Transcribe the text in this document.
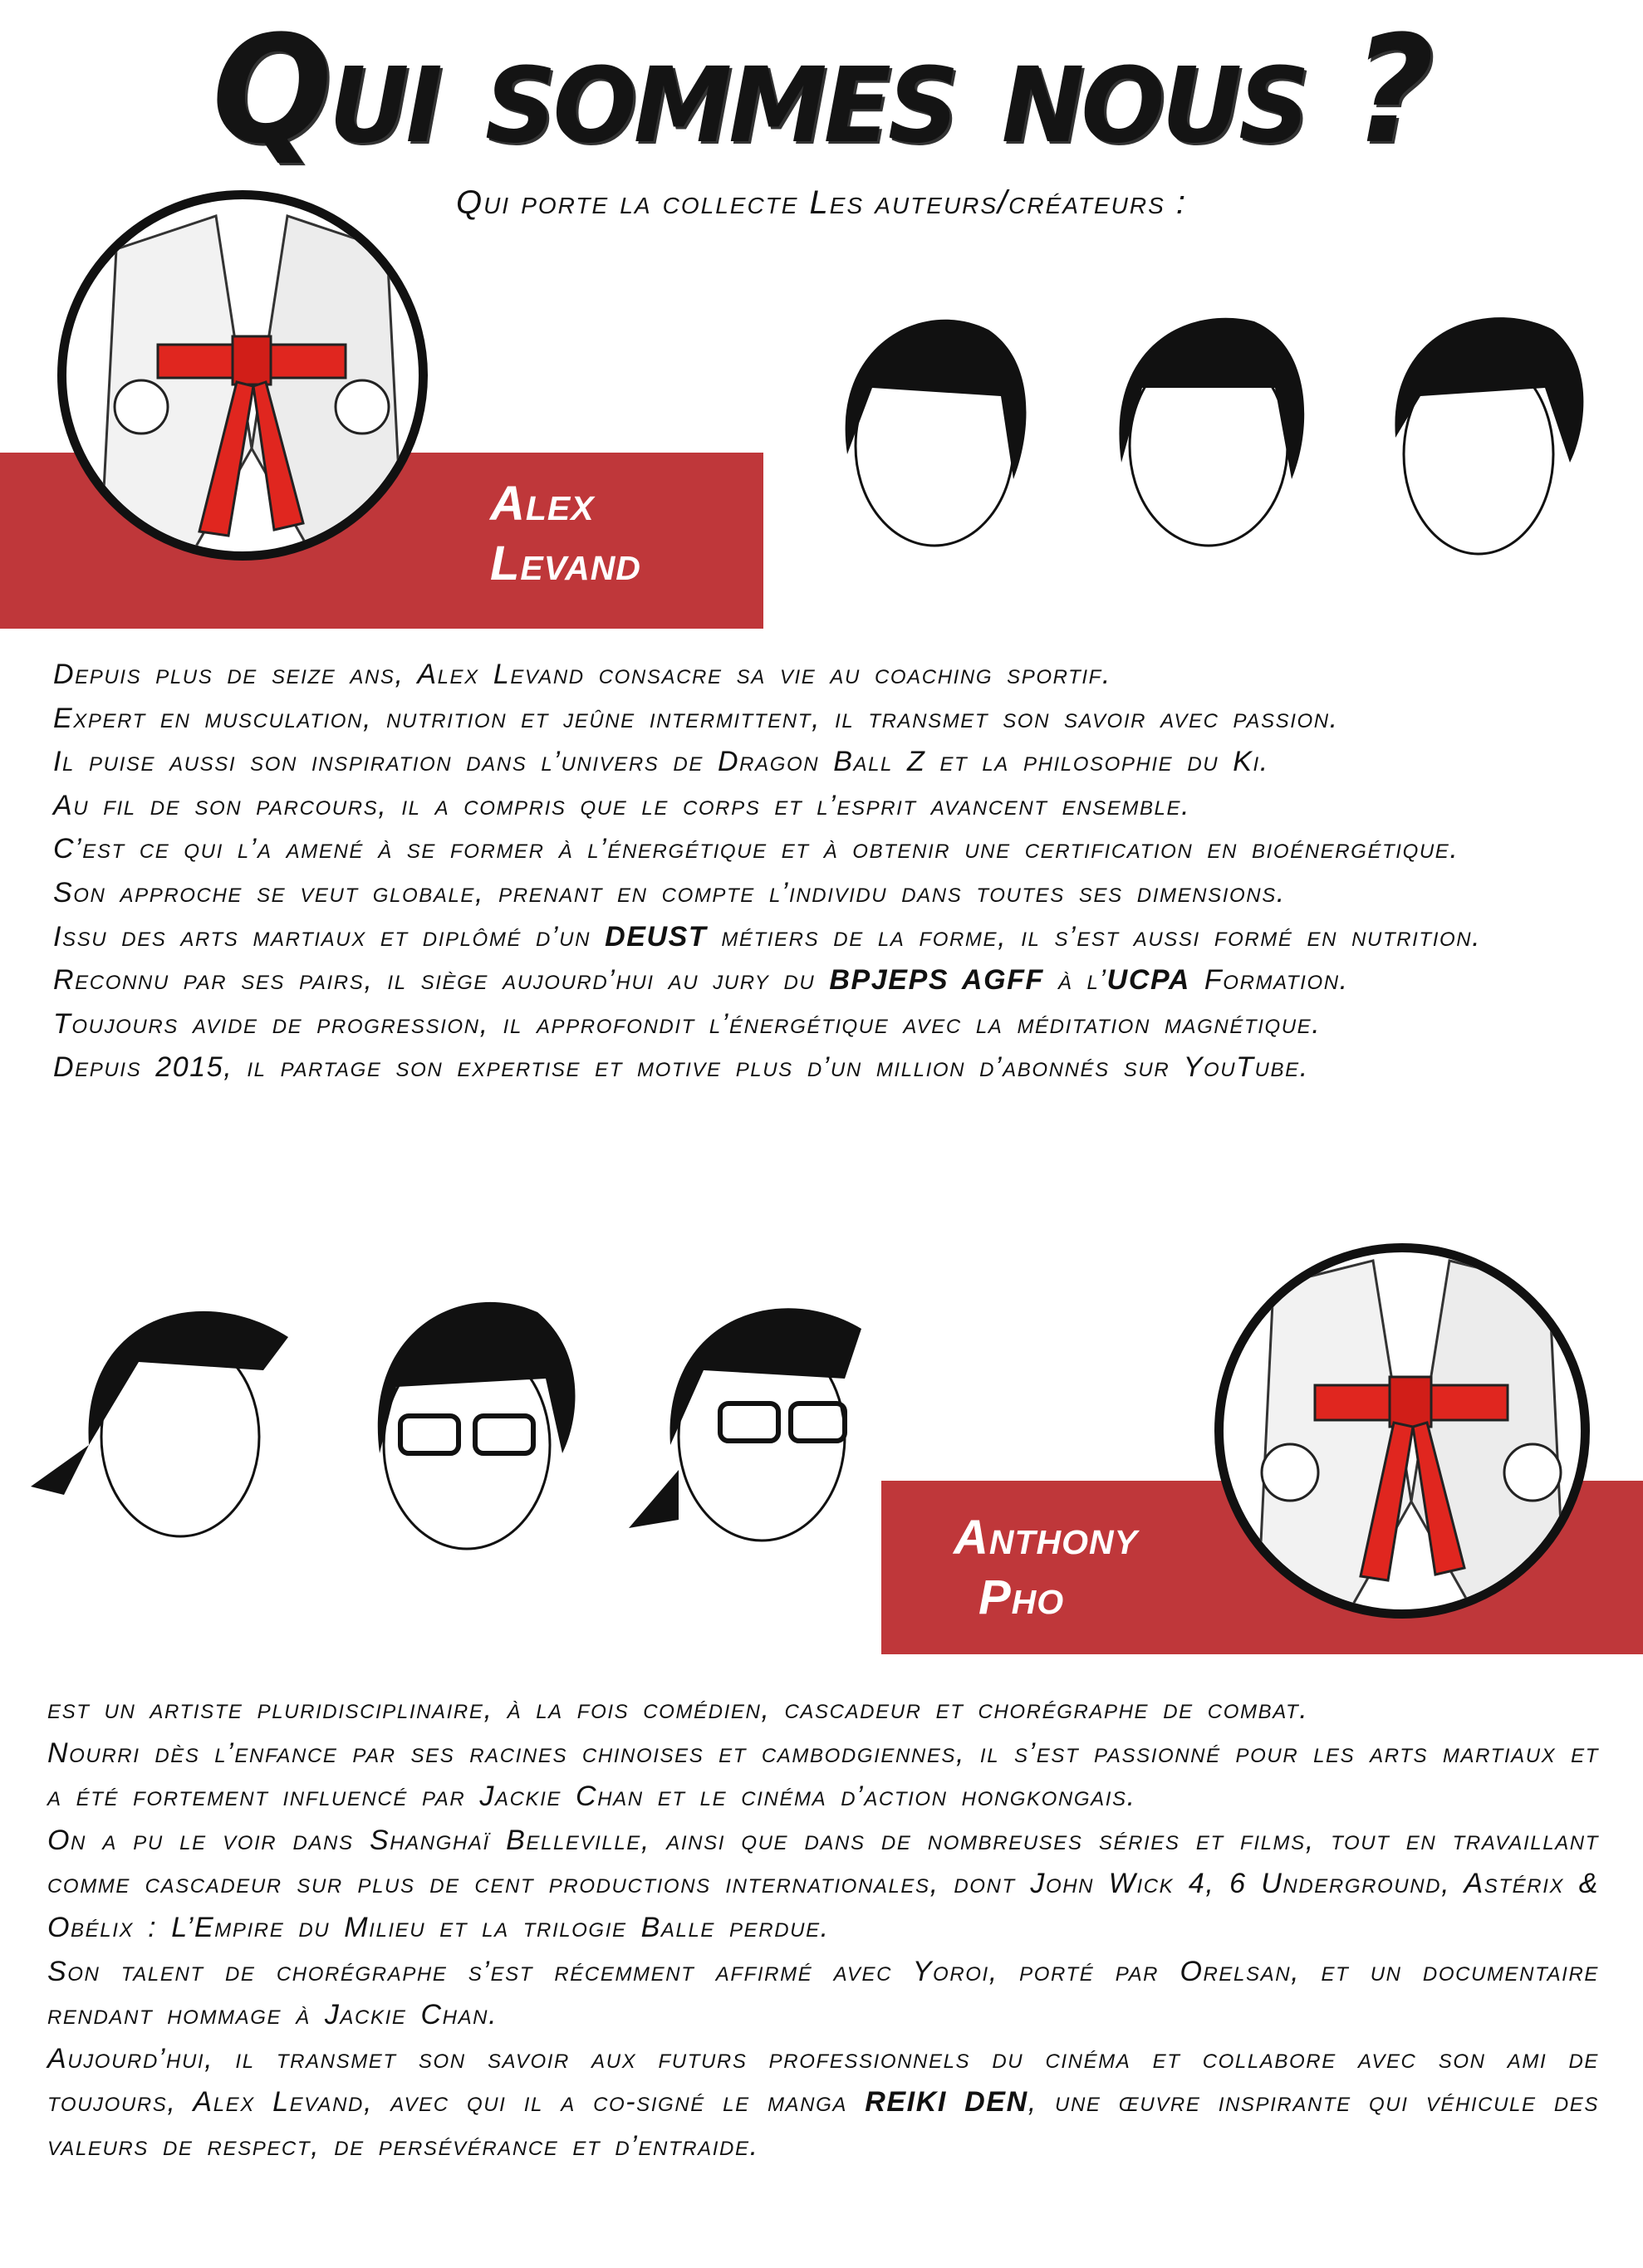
Qui sommes nous ?
Qui porte la collecte Les auteurs/créateurs :
Alex
Levand

Depuis plus de seize ans, Alex Levand consacre sa vie au coaching sportif.

Expert en musculation, nutrition et jeûne intermittent, il transmet son savoir avec passion.

Il puise aussi son inspiration dans l’univers de Dragon Ball Z et la philosophie du Ki.

Au fil de son parcours, il a compris que le corps et l’esprit avancent ensemble.

C’est ce qui l’a amené à se former à l’énergétique et à obtenir une certification en bioénergétique.

Son approche se veut globale, prenant en compte l’individu dans toutes ses dimensions.

Issu des arts martiaux et diplômé d’un DEUST métiers de la forme, il s’est aussi formé en nutrition.

Reconnu par ses pairs, il siège aujourd’hui au jury du BPJEPS AGFF à l’UCPA Formation.

Toujours avide de progression, il approfondit l’énergétique avec la méditation magnétique.

Depuis 2015, il partage son expertise et motive plus d’un million d’abonnés sur YouTube.

Anthony
Pho

est un artiste pluridisciplinaire, à la fois comédien, cascadeur et chorégraphe de combat.

Nourri dès l’enfance par ses racines chinoises et cambodgiennes, il s’est passionné pour les arts martiaux et a été fortement influencé par Jackie Chan et le cinéma d’action hongkongais.

On a pu le voir dans Shanghaï Belleville, ainsi que dans de nombreuses séries et films, tout en travaillant comme cascadeur sur plus de cent productions internationales, dont John Wick 4, 6 Underground, Astérix & Obélix : L’Empire du Milieu et la trilogie Balle perdue.

Son talent de chorégraphe s’est récemment affirmé avec Yoroi, porté par Orelsan, et un documentaire rendant hommage à Jackie Chan.

Aujourd’hui, il transmet son savoir aux futurs professionnels du cinéma et collabore avec son ami de toujours, Alex Levand, avec qui il a co-signé le manga REIKI DEN, une œuvre inspirante qui véhicule des valeurs de respect, de persévérance et d’entraide.
